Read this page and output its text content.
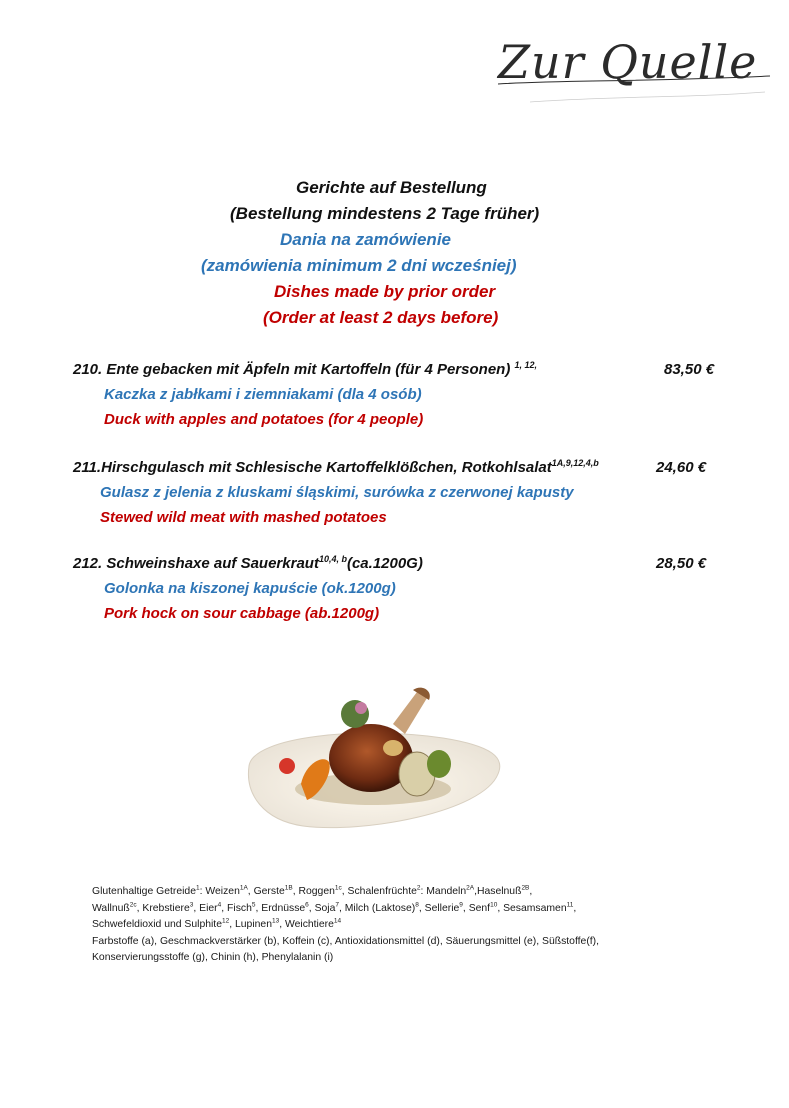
Zur Quelle
Gerichte auf Bestellung
(Bestellung mindestens 2 Tage früher)
Dania na zamówienie
(zamówienia minimum 2 dni wcześniej)
Dishes made by prior order
(Order at least 2 days before)
210. Ente gebacken mit Äpfeln mit Kartoffeln (für 4 Personen) $^{1, 12,}$	83,50 €
Kaczka z jabłkami i ziemniakami (dla 4 osób)
Duck with apples and potatoes (for 4 people)
211.Hirschgulasch mit Schlesische Kartoffelklößchen, Rotkohlsalat$^{1A,9,12,4,b}$	24,60 €
Gulasz z jelenia z kluskami śląskimi, surówka z czerwonej kapusty
Stewed wild meat with mashed potatoes
212. Schweinshaxe auf Sauerkraut$^{10,4, b}$(ca.1200G)	28,50 €
Golonka na kiszonej kapuście (ok.1200g)
Pork hock on sour cabbage (ab.1200g)
Glutenhaltige Getreide$^1$: Weizen$^{1A}$, Gerste$^{1B}$, Roggen$^{1c}$, Schalenfrüchte$^2$: Mandeln$^{2A}$,Haselnuß$^{2B}$,
Wallnuß$^{2c}$, Krebstiere$^3$, Eier$^4$, Fisch$^5$, Erdnüsse$^6$, Soja$^7$, Milch (Laktose)$^8$, Sellerie$^9$, Senf$^{10}$, Sesamsamen$^{11}$,
Schwefeldioxid und Sulphite$^{12}$, Lupinen$^{13}$, Weichtiere$^{14}$
Farbstoffe (a), Geschmackverstärker (b), Koffein (c), Antioxidationsmittel (d), Säuerungsmittel (e), Süßstoffe(f),
Konservierungsstoffe (g), Chinin (h), Phenylalanin (i)
